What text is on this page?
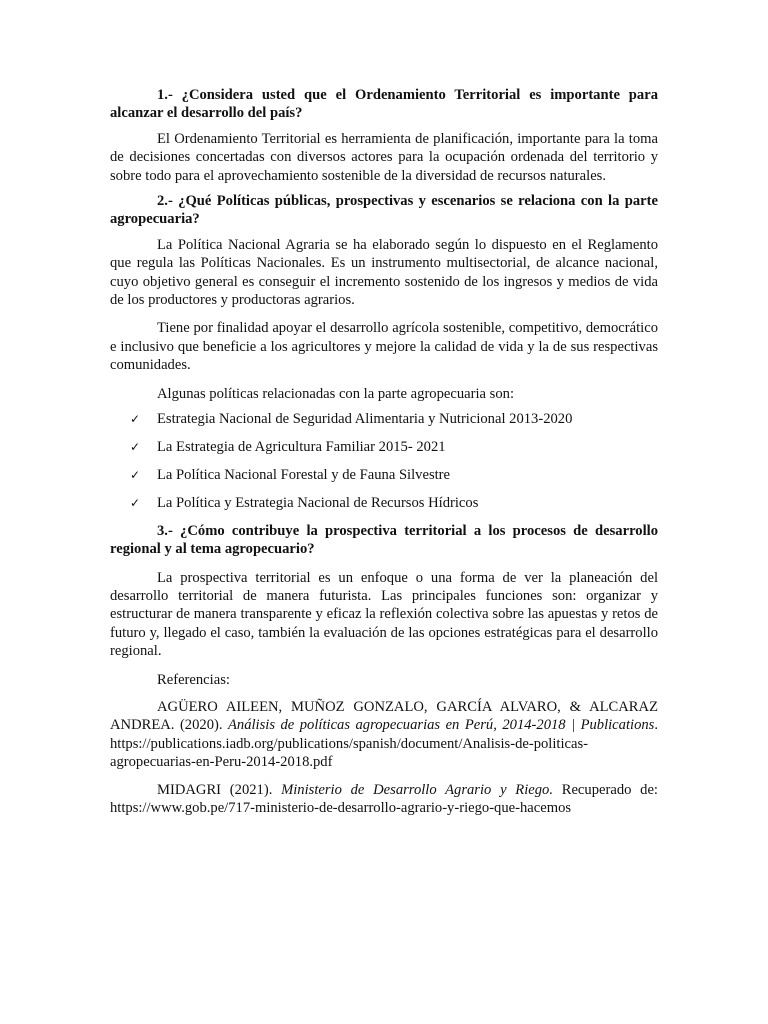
1.- ¿Considera usted que el Ordenamiento Territorial es importante para alcanzar el desarrollo del país?

El Ordenamiento Territorial es herramienta de planificación, importante para la toma de decisiones concertadas con diversos actores para la ocupación ordenada del territorio y sobre todo para el aprovechamiento sostenible de la diversidad de recursos naturales.

2.- ¿Qué Políticas públicas, prospectivas y escenarios se relaciona con la parte agropecuaria?

La Política Nacional Agraria se ha elaborado según lo dispuesto en el Reglamento que regula las Políticas Nacionales. Es un instrumento multisectorial, de alcance nacional, cuyo objetivo general es conseguir el incremento sostenido de los ingresos y medios de vida de los productores y productoras agrarios.

Tiene por finalidad apoyar el desarrollo agrícola sostenible, competitivo, democrático e inclusivo que beneficie a los agricultores y mejore la calidad de vida y la de sus respectivas comunidades.

Algunas políticas relacionadas con la parte agropecuaria son:

✓ Estrategia Nacional de Seguridad Alimentaria y Nutricional 2013-2020
✓ La Estrategia de Agricultura Familiar 2015- 2021
✓ La Política Nacional Forestal y de Fauna Silvestre
✓ La Política y Estrategia Nacional de Recursos Hídricos

3.- ¿Cómo contribuye la prospectiva territorial a los procesos de desarrollo regional y al tema agropecuario?

La prospectiva territorial es un enfoque o una forma de ver la planeación del desarrollo territorial de manera futurista. Las principales funciones son: organizar y estructurar de manera transparente y eficaz la reflexión colectiva sobre las apuestas y retos de futuro y, llegado el caso, también la evaluación de las opciones estratégicas para el desarrollo regional.

Referencias:

AGÜERO AILEEN, MUÑOZ GONZALO, GARCÍA ALVARO, & ALCARAZ ANDREA. (2020). Análisis de políticas agropecuarias en Perú, 2014-2018 | Publications. https://publications.iadb.org/publications/spanish/document/Analisis-de-politicas-agropecuarias-en-Peru-2014-2018.pdf

MIDAGRI (2021). Ministerio de Desarrollo Agrario y Riego. Recuperado de: https://www.gob.pe/717-ministerio-de-desarrollo-agrario-y-riego-que-hacemos
